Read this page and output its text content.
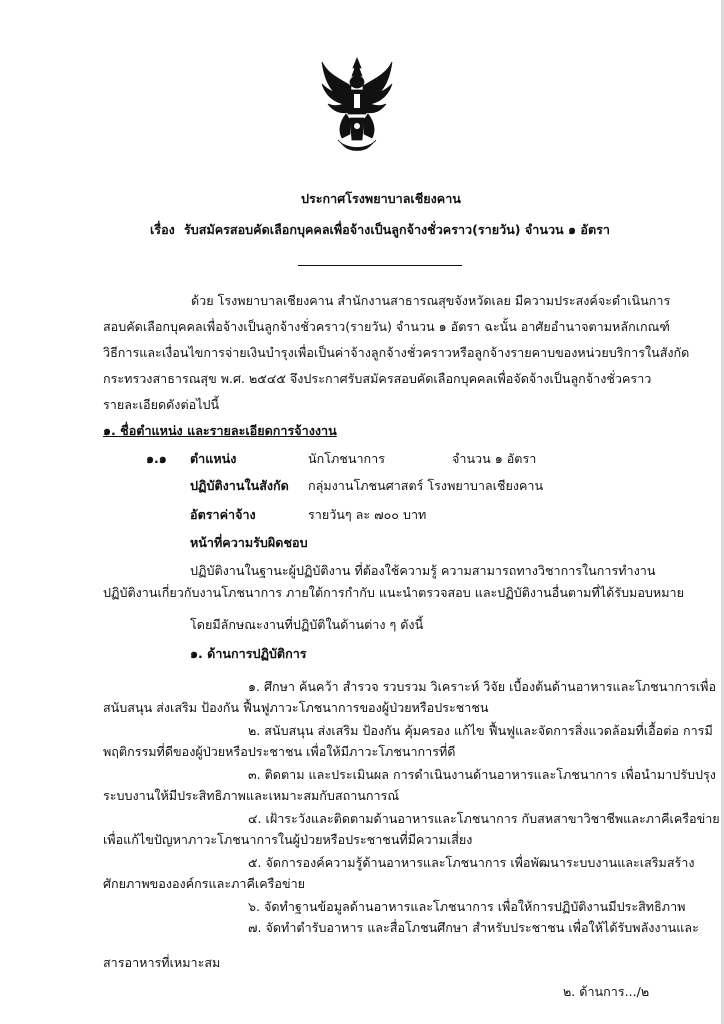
ประกาศโรงพยาบาลเชียงคาน
เรื่อง รับสมัครสอบคัดเลือกบุคคลเพื่อจ้างเป็นลูกจ้างชั่วคราว(รายวัน) จำนวน ๑ อัตรา
ด้วย โรงพยาบาลเชียงคาน สำนักงานสาธารณสุขจังหวัดเลย มีความประสงค์จะดำเนินการ
สอบคัดเลือกบุคคลเพื่อจ้างเป็นลูกจ้างชั่วคราว(รายวัน) จำนวน ๑ อัตรา ฉะนั้น อาศัยอำนาจตามหลักเกณฑ์
วิธีการและเงื่อนไขการจ่ายเงินบำรุงเพื่อเป็นค่าจ้างลูกจ้างชั่วคราวหรือลูกจ้างรายคาบของหน่วยบริการในสังกัด
กระทรวงสาธารณสุข พ.ศ. ๒๕๔๕ จึงประกาศรับสมัครสอบคัดเลือกบุคคลเพื่อจัดจ้างเป็นลูกจ้างชั่วคราว
รายละเอียดดังต่อไปนี้
๑. ชื่อตำแหน่ง และรายละเอียดการจ้างงาน
๑.๑ ตำแหน่ง	นักโภชนาการ	จำนวน ๑ อัตรา
ปฏิบัติงานในสังกัด กลุ่มงานโภชนศาสตร์ โรงพยาบาลเชียงคาน
อัตราค่าจ้าง	รายวันๆ ละ ๗๐๐ บาท
หน้าที่ความรับผิดชอบ
ปฏิบัติงานในฐานะผู้ปฏิบัติงาน ที่ต้องใช้ความรู้ ความสามารถทางวิชาการในการทำงาน
ปฏิบัติงานเกี่ยวกับงานโภชนาการ ภายใต้การกำกับ แนะนำตรวจสอบ และปฏิบัติงานอื่นตามที่ได้รับมอบหมาย
โดยมีลักษณะงานที่ปฏิบัติในด้านต่าง ๆ ดังนี้
๑. ด้านการปฏิบัติการ
๑. ศึกษา ค้นคว้า สำรวจ รวบรวม วิเคราะห์ วิจัย เบื้องต้นด้านอาหารและโภชนาการเพื่อ
สนับสนุน ส่งเสริม ป้องกัน ฟื้นฟูภาวะโภชนาการของผู้ป่วยหรือประชาชน
๒. สนับสนุน ส่งเสริม ป้องกัน คุ้มครอง แก้ไข ฟื้นฟูและจัดการสิ่งแวดล้อมที่เอื้อต่อ การมี
พฤติกรรมที่ดีของผู้ป่วยหรือประชาชน เพื่อให้มีภาวะโภชนาการที่ดี
๓. ติดตาม และประเมินผล การดำเนินงานด้านอาหารและโภชนาการ เพื่อนำมาปรับปรุง
ระบบงานให้มีประสิทธิภาพและเหมาะสมกับสถานการณ์
๔. เฝ้าระวังและติดตามด้านอาหารและโภชนาการ กับสหสาขาวิชาชีพและภาคีเครือข่าย
เพื่อแก้ไขปัญหาภาวะโภชนาการในผู้ป่วยหรือประชาชนที่มีความเสี่ยง
๕. จัดการองค์ความรู้ด้านอาหารและโภชนาการ เพื่อพัฒนาระบบงานและเสริมสร้าง
ศักยภาพขององค์กรและภาคีเครือข่าย
๖. จัดทำฐานข้อมูลด้านอาหารและโภชนาการ เพื่อให้การปฏิบัติงานมีประสิทธิภาพ
๗. จัดทำตำรับอาหาร และสื่อโภชนศึกษา สำหรับประชาชน เพื่อให้ได้รับพลังงานและ
สารอาหารที่เหมาะสม
๒. ด้านการ.../๒
